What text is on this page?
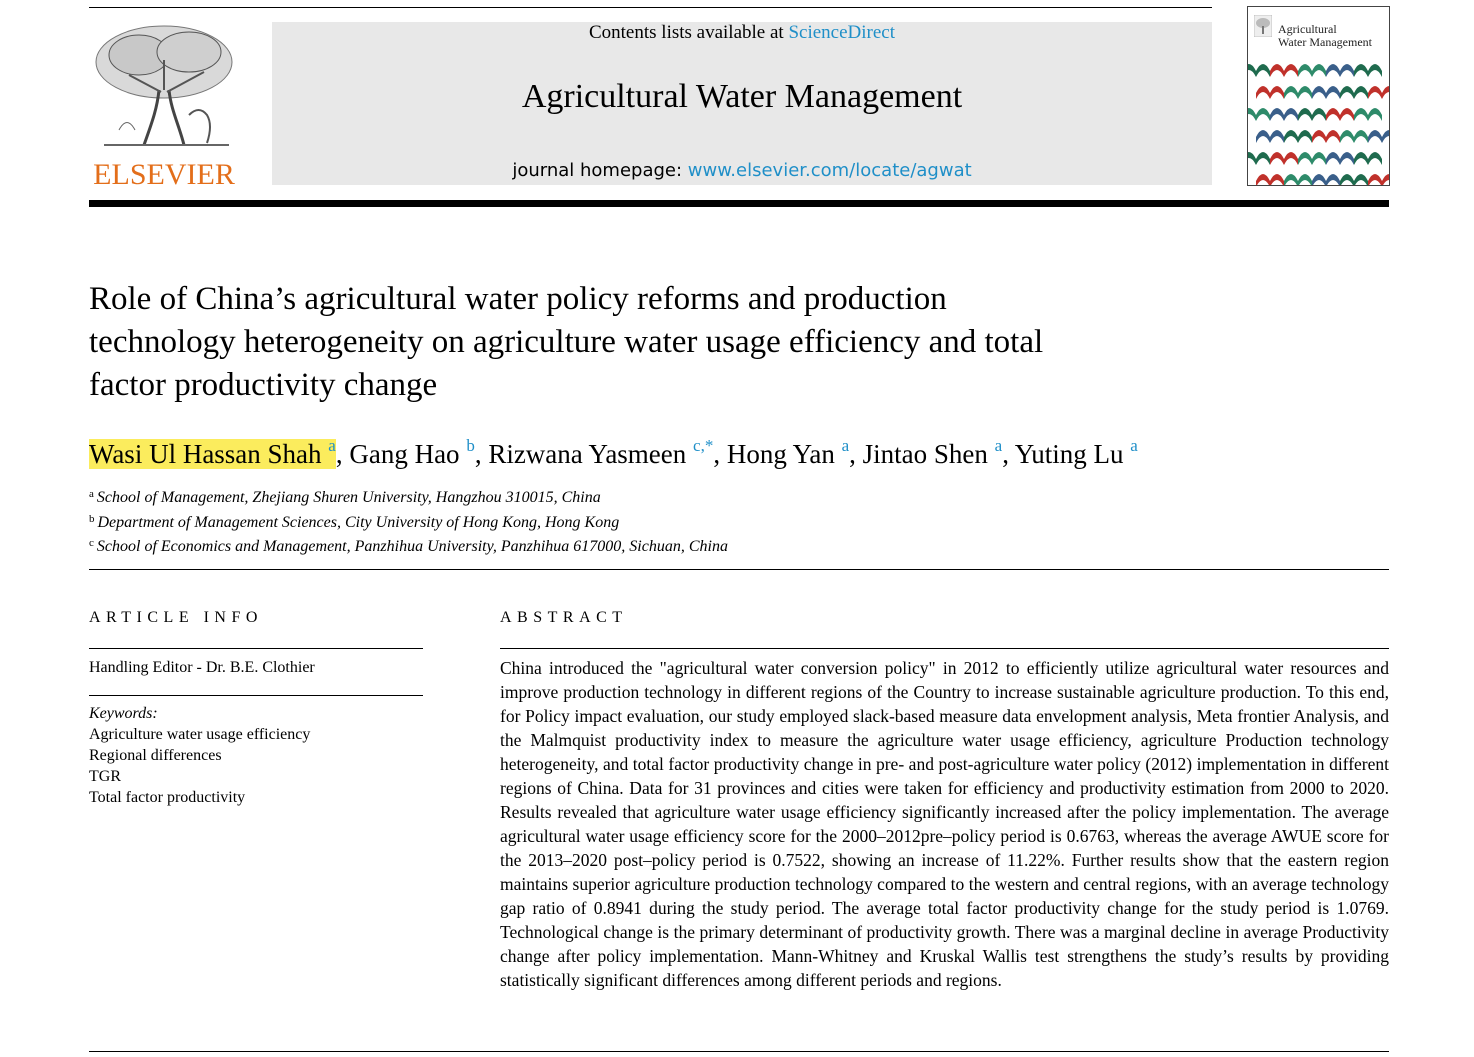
ELSEVIER
Contents lists available at ScienceDirect
Agricultural Water Management
journal homepage: www.elsevier.com/locate/agwat
Agricultural
Water Management
Role of China’s agricultural water policy reforms and production
technology heterogeneity on agriculture water usage efficiency and total
factor productivity change
Wasi Ul Hassan Shah $^a$, Gang Hao $^b$, Rizwana Yasmeen $^{c,*}$, Hong Yan $^a$, Jintao Shen $^a$, Yuting Lu $^a$
$^a$ School of Management, Zhejiang Shuren University, Hangzhou 310015, China
$^b$ Department of Management Sciences, City University of Hong Kong, Hong Kong
$^c$ School of Economics and Management, Panzhihua University, Panzhihua 617000, Sichuan, China
ARTICLE INFO
Handling Editor - Dr. B.E. Clothier
Keywords:
Agriculture water usage efficiency
Regional differences
TGR
Total factor productivity
ABSTRACT

China introduced the "agricultural water conversion policy" in 2012 to efficiently utilize agricultural water resources and improve production technology in different regions of the Country to increase sustainable agriculture production. To this end, for Policy impact evaluation, our study employed slack-based measure data envelopment analysis, Meta frontier Analysis, and the Malmquist productivity index to measure the agriculture water usage efficiency, agriculture Production technology heterogeneity, and total factor productivity change in pre- and post-agriculture water policy (2012) implementation in different regions of China. Data for 31 provinces and cities were taken for efficiency and productivity estimation from 2000 to 2020. Results revealed that agriculture water usage efficiency significantly increased after the policy implementation. The average agricultural water usage efficiency score for the 2000–2012pre–policy period is 0.6763, whereas the average AWUE score for the 2013–2020 post–policy period is 0.7522, showing an increase of 11.22%. Further results show that the eastern region maintains superior agriculture production technology compared to the western and central regions, with an average technology gap ratio of 0.8941 during the study period. The average total factor productivity change for the study period is 1.0769. Technological change is the primary determinant of productivity growth. There was a marginal decline in average Productivity change after policy implementation. Mann-Whitney and Kruskal Wallis test strengthens the study’s results by providing statistically significant differences among different periods and regions.
